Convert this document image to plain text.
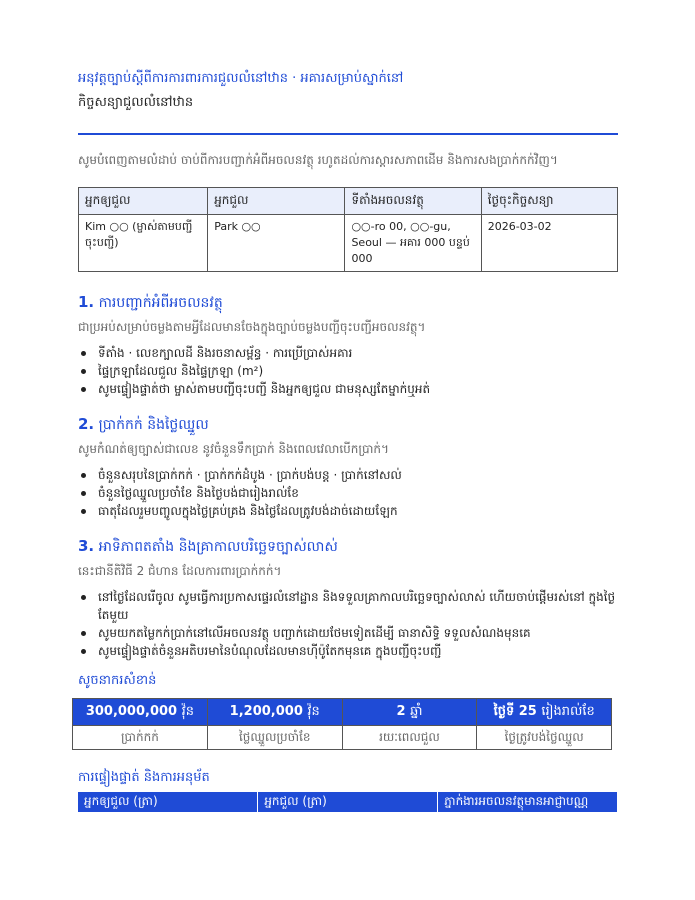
អនុវត្តច្បាប់ស្តីពីការការពារការជួលលំនៅឋាន · អគារសម្រាប់ស្នាក់នៅ
កិច្ចសន្យាជួលលំនៅឋាន
សូមបំពេញតាមលំដាប់ ចាប់ពីការបញ្ជាក់អំពីអចលនវត្ថុ រហូតដល់ការស្តារសភាពដើម និងការសងប្រាក់កក់វិញ។
អ្នកឲ្យជួល	អ្នកជួល	ទីតាំងអចលនវត្ថុ	ថ្ងៃចុះកិច្ចសន្យា
Kim ○○ (ម្ចាស់តាមបញ្ជីចុះបញ្ជី)	Park ○○	○○-ro 00, ○○-gu, Seoul — អគារ 000 បន្ទប់ 000	2026-03-02
1. ការបញ្ជាក់អំពីអចលនវត្ថុ
ជាប្រអប់សម្រាប់ចម្លងតាមអ្វីដែលមានចែងក្នុងច្បាប់ចម្លងបញ្ជីចុះបញ្ជីអចលនវត្ថុ។
ទីតាំង · លេខក្បាលដី និងរចនាសម្ព័ន្ធ · ការប្រើប្រាស់អគារ
ផ្ទៃក្រឡាដែលជួល និងផ្ទៃក្រឡា (m²)
សូមផ្ទៀងផ្ទាត់ថា ម្ចាស់តាមបញ្ជីចុះបញ្ជី និងអ្នកឲ្យជួល ជាមនុស្សតែម្នាក់ឬអត់
2. ប្រាក់កក់ និងថ្លៃឈ្នួល
សូមកំណត់ឲ្យច្បាស់ជាលេខ នូវចំនួនទឹកប្រាក់ និងពេលវេលាបើកប្រាក់។
ចំនួនសរុបនៃប្រាក់កក់ · ប្រាក់កក់ដំបូង · ប្រាក់បង់បន្ត · ប្រាក់នៅសល់
ចំនួនថ្លៃឈ្នួលប្រចាំខែ និងថ្ងៃបង់ជារៀងរាល់ខែ
ធាតុដែលរួមបញ្ចូលក្នុងថ្លៃគ្រប់គ្រង និងថ្លៃដែលត្រូវបង់ដាច់ដោយឡែក
3. អាទិភាពតតាំង និងគ្រាកាលបរិច្ឆេទច្បាស់លាស់
នេះជានីតិវិធី 2 ជំហាន ដែលការពារប្រាក់កក់។
នៅថ្ងៃដែលរើចូល សូមធ្វើការប្រកាសផ្ទេរលំនៅដ្ឋាន និងទទួលគ្រាកាលបរិច្ឆេទច្បាស់លាស់ ហើយចាប់ផ្តើមរស់នៅ ក្នុងថ្ងៃតែមួយ
សូមយកតម្លៃកក់ប្រាក់នៅលើអចលនវត្ថុ បញ្ជាក់ដោយថែមទៀតដើម្បី ធានាសិទ្ធិ ទទួលសំណងមុនគេ
សូមផ្ទៀងផ្ទាត់ចំនួនអតិបរមានៃបំណុលដែលមានហ៊ីប៉ូតែកមុនគេ ក្នុងបញ្ជីចុះបញ្ជី
សូចនាករសំខាន់
300,000,000 វ៉ុន	1,200,000 វ៉ុន	2 ឆ្នាំ	ថ្ងៃទី 25 រៀងរាល់ខែ
ប្រាក់កក់	ថ្លៃឈ្នួលប្រចាំខែ	រយៈពេលជួល	ថ្ងៃត្រូវបង់ថ្លៃឈ្នួល
ការផ្ទៀងផ្ទាត់ និងការអនុម័ត
អ្នកឲ្យជួល (ត្រា)	អ្នកជួល (ត្រា)	ភ្នាក់ងារអចលនវត្ថុមានអាជ្ញាបណ្ណ
